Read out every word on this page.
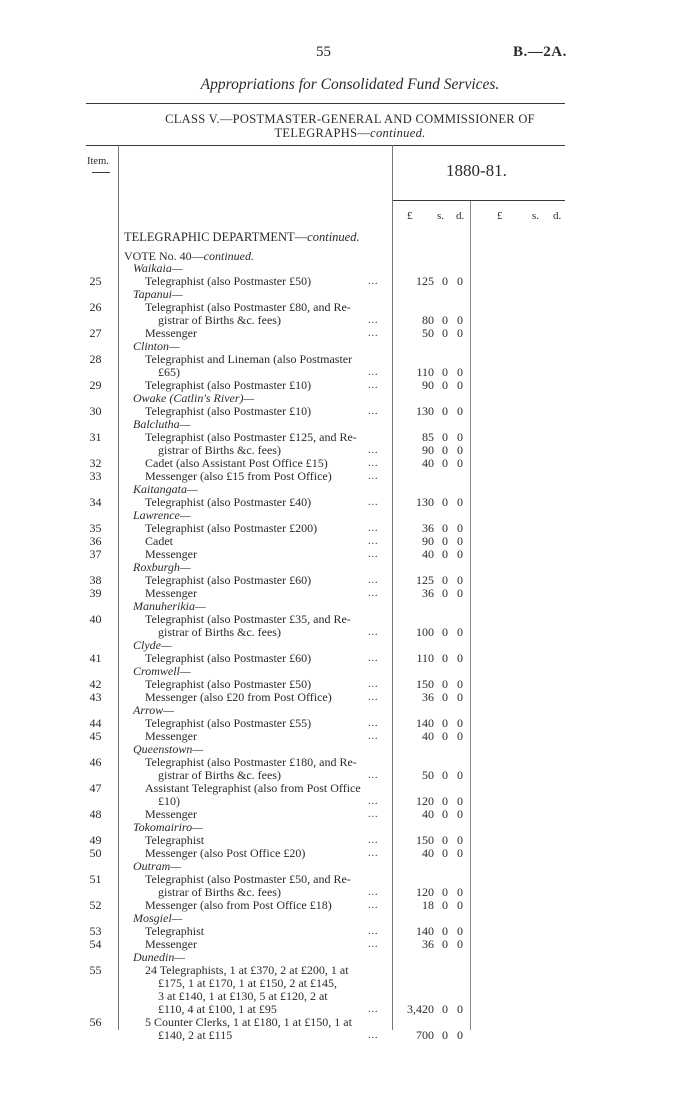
55	B.—2A.
Appropriations for Consolidated Fund Services.
CLASS V.—POSTMASTER-GENERAL AND COMMISSIONER OF
TELEGRAPHS—continued.
Item.	1880-81.
£ s. d.	£	s. d.
TELEGRAPHIC DEPARTMENT—continued.
VOTE No. 40—continued.
Waikaia—
25	Telegraphist (also Postmaster £50)	...	125 0 0
Tapanui—
26	Telegraphist (also Postmaster £80, and Re-
gistrar of Births &c. fees)	...	80 0 0
27	Messenger	...	50 0 0
Clinton—
28	Telegraphist and Lineman (also Postmaster
£65)	...	110 0 0
29	Telegraphist (also Postmaster £10)	...	90 0 0
Owake (Catlin's River)—
30	Telegraphist (also Postmaster £10)	...	130 0 0
Balclutha—
31	Telegraphist (also Postmaster £125, and Re-	85 0 0
gistrar of Births &c. fees)	...	90 0 0
32	Cadet (also Assistant Post Office £15)	...	40 0 0
33	Messenger (also £15 from Post Office)	...
Kaitangata—
34	Telegraphist (also Postmaster £40)	...	130 0 0
Lawrence—
35	Telegraphist (also Postmaster £200)	...	36 0 0
36	Cadet	...	90 0 0
37	Messenger	...	40 0 0
Roxburgh—
38	Telegraphist (also Postmaster £60)	...	125 0 0
39	Messenger	...	36 0 0
Manuherikia—
40	Telegraphist (also Postmaster £35, and Re-
gistrar of Births &c. fees)	...	100 0 0
Clyde—
41	Telegraphist (also Postmaster £60)	...	110 0 0
Cromwell—
42	Telegraphist (also Postmaster £50)	...	150 0 0
43	Messenger (also £20 from Post Office)	...	36 0 0
Arrow—
44	Telegraphist (also Postmaster £55)	...	140 0 0
45	Messenger	...	40 0 0
Queenstown—
46	Telegraphist (also Postmaster £180, and Re-
gistrar of Births &c. fees)	...	50 0 0
47	Assistant Telegraphist (also from Post Office
£10)	...	120 0 0
48	Messenger	...	40 0 0
Tokomairiro—
49	Telegraphist	...	150 0 0
50	Messenger (also Post Office £20)	...	40 0 0
Outram—
51	Telegraphist (also Postmaster £50, and Re-
gistrar of Births &c. fees)	...	120 0 0
52	Messenger (also from Post Office £18)	...	18 0 0
Mosgiel—
53	Telegraphist	...	140 0 0
54	Messenger	...	36 0 0
Dunedin—
55	24 Telegraphists, 1 at £370, 2 at £200, 1 at
£175, 1 at £170, 1 at £150, 2 at £145,
3 at £140, 1 at £130, 5 at £120, 2 at
£110, 4 at £100, 1 at £95	...	3,420 0 0
56	5 Counter Clerks, 1 at £180, 1 at £150, 1 at
£140, 2 at £115	...	700 0 0
